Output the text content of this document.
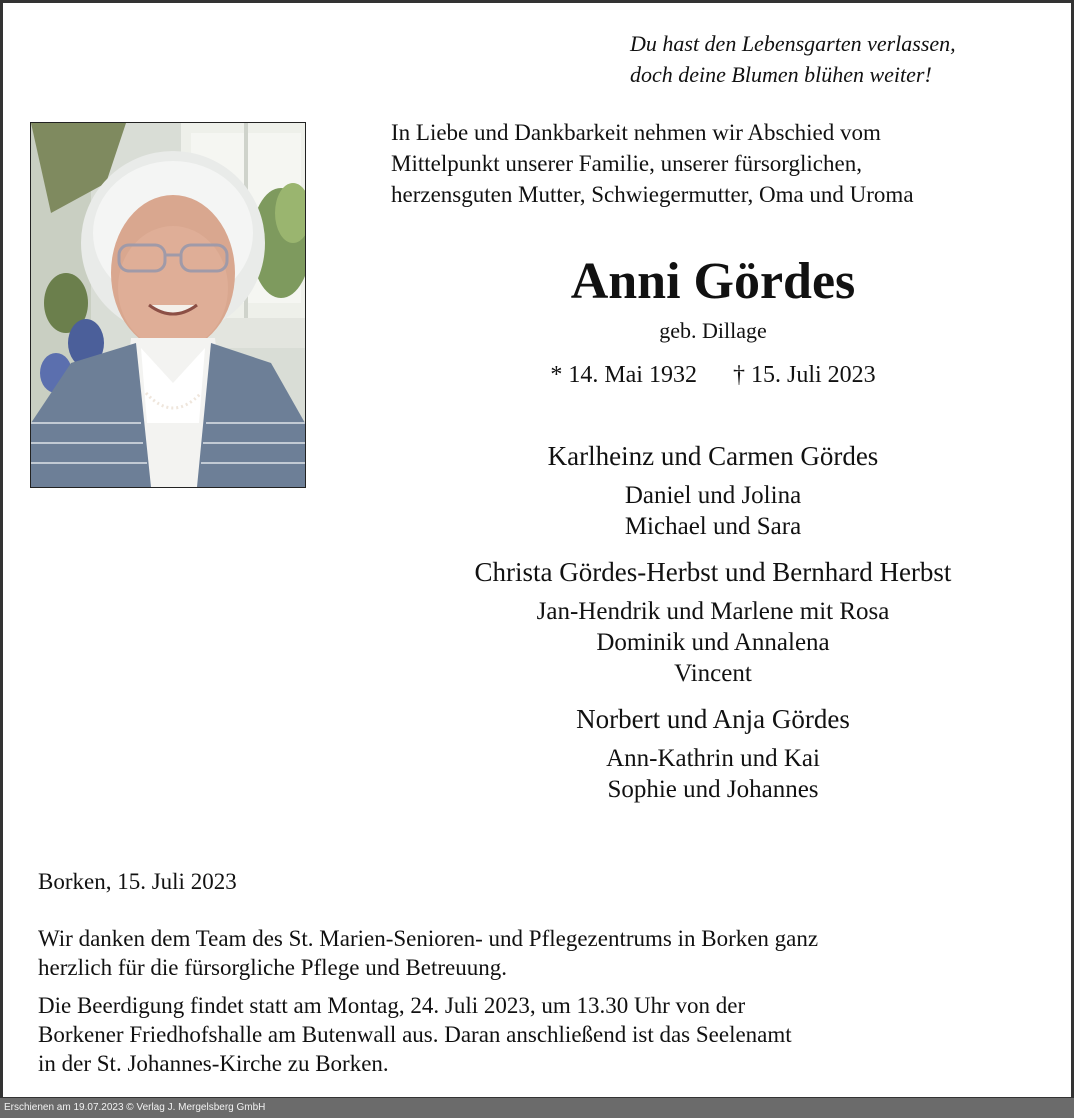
Du hast den Lebensgarten verlassen,
doch deine Blumen blühen weiter!
In Liebe und Dankbarkeit nehmen wir Abschied vom
Mittelpunkt unserer Familie, unserer fürsorglichen,
herzensguten Mutter, Schwiegermutter, Oma und Uroma
Anni Gördes
geb. Dillage
* 14. Mai 1932 † 15. Juli 2023
Karlheinz und Carmen Gördes
Daniel und Jolina
Michael und Sara
Christa Gördes-Herbst und Bernhard Herbst
Jan-Hendrik und Marlene mit Rosa
Dominik und Annalena
Vincent
Norbert und Anja Gördes
Ann-Kathrin und Kai
Sophie und Johannes
Borken, 15. Juli 2023
Wir danken dem Team des St. Marien-Senioren- und Pflegezentrums in Borken ganz
herzlich für die fürsorgliche Pflege und Betreuung.
Die Beerdigung findet statt am Montag, 24. Juli 2023, um 13.30 Uhr von der
Borkener Friedhofshalle am Butenwall aus. Daran anschließend ist das Seelenamt
in der St. Johannes-Kirche zu Borken.
Erschienen am 19.07.2023 © Verlag J. Mergelsberg GmbH
